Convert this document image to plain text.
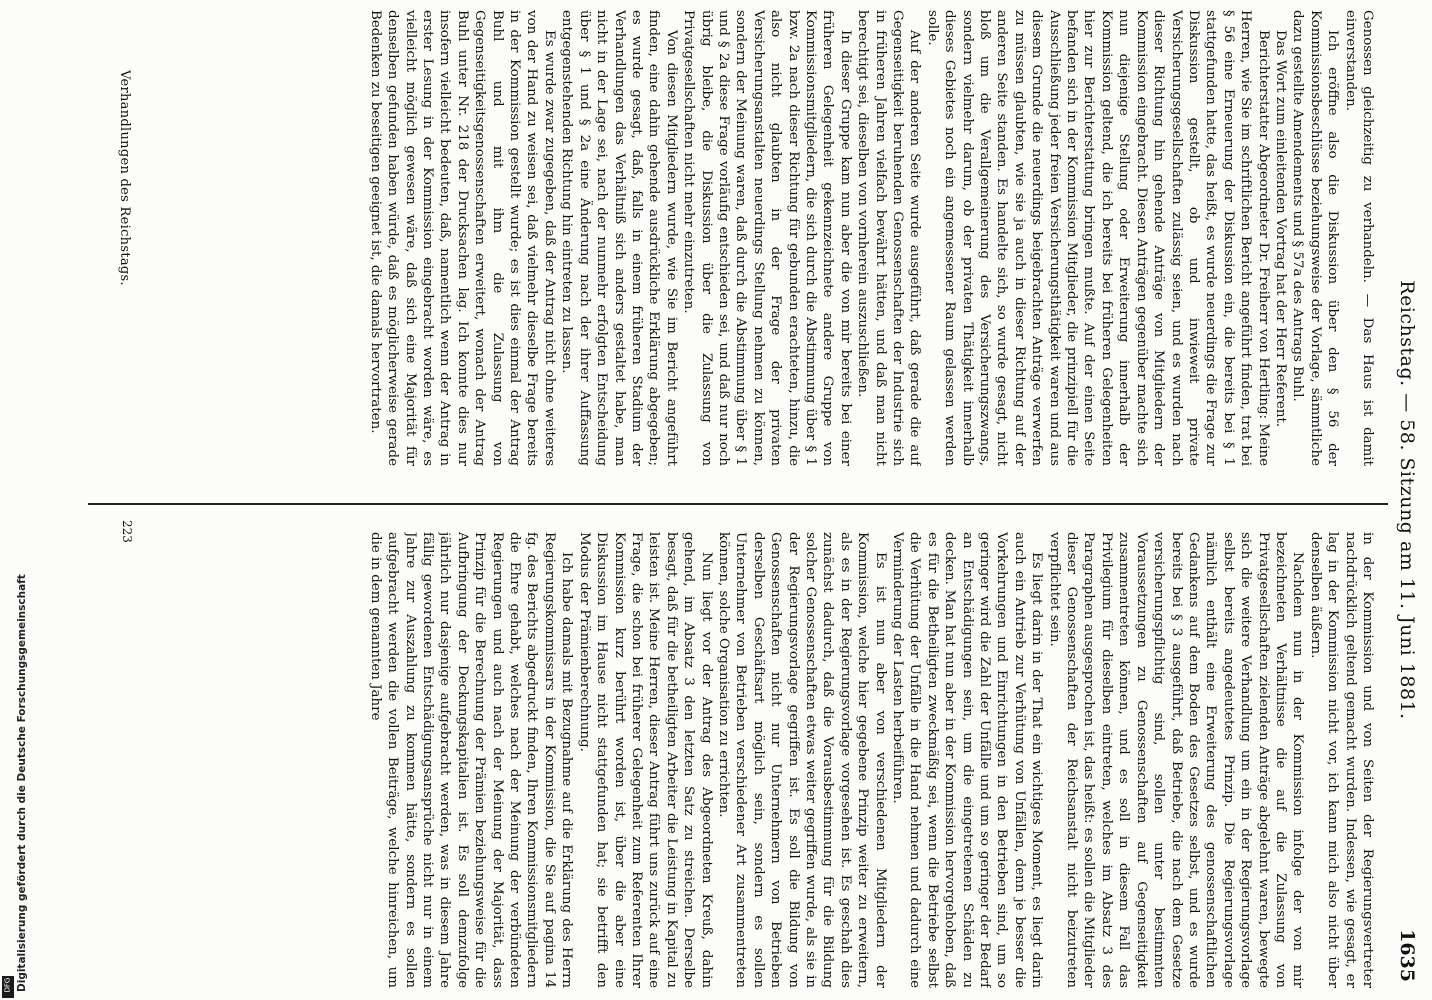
Reichstag. — 58. Sitzung am 11. Juni 1881.
1635

Genossen gleichzeitig zu verhandeln. — Das Haus ist damit einverstanden.

Ich eröffne also die Diskussion über den § 56 der Kommissionsbeschlüsse beziehungsweise der Vorlage, sämmtliche dazu gestellte Amendements und § 57a des Antrags Buhl.

Das Wort zum einleitenden Vortrag hat der Herr Referent.

Berichterstatter Abgeordneter Dr. Freiherr von Hertling: Meine Herren, wie Sie im schriftlichen Bericht angeführt finden, trat bei § 56 eine Erneuerung der Diskussion ein, die bereits bei § 1 stattgefunden hatte, das heißt, es wurde neuerdings die Frage zur Diskussion gestellt, ob und inwieweit private Versicherungsgesellschaften zulässig seien, und es wurden nach dieser Richtung hin gehende Anträge von Mitgliedern der Kommission eingebracht. Diesen Anträgen gegenüber machte sich nun diejenige Stellung oder Erweiterung innerhalb der Kommission geltend, die ich bereits bei früheren Gelegenheiten hier zur Berichterstattung bringen mußte. Auf der einen Seite befanden sich in der Kommission Mitglieder, die prinzipiell für die Ausschließung jeder freien Versicherungsthätigkeit waren und aus diesem Grunde die neuerdings beigebrachten Anträge verwerfen zu müssen glaubten, wie sie ja auch in dieser Richtung auf der anderen Seite standen. Es handelte sich, so wurde gesagt, nicht bloß um die Verallgemeinerung des Versicherungszwangs, sondern vielmehr darum, ob der privaten Thätigkeit innerhalb dieses Gebietes noch ein angemessener Raum gelassen werden solle.

Auf der anderen Seite wurde ausgeführt, daß gerade die auf Gegenseitigkeit beruhenden Genossenschaften der Industrie sich in früheren Jahren vielfach bewährt hätten, und daß man nicht berechtigt sei, dieselben von vornherein auszuschließen.

In dieser Gruppe kam nun aber die von mir bereits bei einer früheren Gelegenheit gekennzeichnete andere Gruppe von Kommissionsmitgliedern, die sich durch die Abstimmung über § 1 bzw. 2a nach dieser Richtung für gebunden erachteten, hinzu, die also nicht glaubten in der Frage der privaten Versicherungsanstalten neuerdings Stellung nehmen zu können, sondern der Meinung waren, daß durch die Abstimmung über § 1 und § 2a diese Frage vorläufig entschieden sei, und daß nur noch übrig bleibe, die Diskussion über die Zulassung von Privatgesellschaften nicht mehr einzutreten.

Von diesen Mitgliedern wurde, wie Sie im Bericht angeführt finden, eine dahin gehende ausdrückliche Erklärung abgegeben; es wurde gesagt, daß, falls in einem früheren Stadium der Verhandlungen das Verhältniß sich anders gestaltet habe, man nicht in der Lage sei, nach der nunmehr erfolgten Entscheidung über § 1 und § 2a eine Änderung nach der ihrer Auffassung entgegenstehenden Richtung hin eintreten zu lassen.

Es wurde zwar zugegeben, daß der Antrag nicht ohne weiteres von der Hand zu weisen sei, daß vielmehr dieselbe Frage bereits in der Kommission gestellt wurde; es ist dies einmal der Antrag Buhl und mit ihm die Zulassung von Gegenseitigkeitsgenossenschaften erweitert, wonach der Antrag Buhl unter Nr. 218 der Drucksachen lag. Ich konnte dies nur insofern vielleicht bedeuten, daß, namentlich wenn der Antrag in erster Lesung in der Kommission eingebracht worden wäre, es vielleicht möglich gewesen wäre, daß sich eine Majorität für denselben gefunden haben würde, daß es möglicherweise gerade Bedenken zu beseitigen geeignet ist, die damals hervortraten.

in der Kommission und von Seiten der Regierungsvertreter nachdrücklich geltend gemacht wurden. Indessen, wie gesagt, er lag in der Kommission nicht vor, ich kann mich also nicht über denselben äußern.

Nachdem nun in der Kommission infolge der von mir bezeichneten Verhältnisse die auf die Zulassung von Privatgesellschaften zielenden Anträge abgelehnt waren, bewegte sich die weitere Verhandlung um ein in der Regierungsvorlage selbst bereits angedeutetes Prinzip. Die Regierungsvorlage nämlich enthält eine Erweiterung des genossenschaftlichen Gedankens auf dem Boden des Gesetzes selbst, und es wurde bereits bei § 3 ausgeführt, daß Betriebe, die nach dem Gesetze versicherungspflichtig sind, sollen unter bestimmten Voraussetzungen zu Genossenschaften auf Gegenseitigkeit zusammentreten können, und es soll in diesem Fall das Privilegium für dieselben eintreten, welches im Absatz 3 des Paragraphen ausgesprochen ist, das heißt: es sollen die Mitglieder dieser Genossenschaften der Reichsanstalt nicht beizutreten verpflichtet sein.

Es liegt darin in der That ein wichtiges Moment, es liegt darin auch ein Antrieb zur Verhütung von Unfällen, denn je besser die Vorkehrungen und Einrichtungen in den Betrieben sind, um so geringer wird die Zahl der Unfälle und um so geringer der Bedarf an Entschädigungen sein, um die eingetretenen Schäden zu decken. Man hat nun aber in der Kommission hervorgehoben, daß es für die Betheiligten zweckmäßig sei, wenn die Betriebe selbst die Verhütung der Unfälle in die Hand nehmen und dadurch eine Verminderung der Lasten herbeiführen.

Es ist nun aber von verschiedenen Mitgliedern der Kommission, welche hier gegebene Prinzip weiter zu erweitern, als es in der Regierungsvorlage vorgesehen ist. Es geschah dies zunächst dadurch, daß die Vorausbestimmung für die Bildung solcher Genossenschaften etwas weiter gegriffen wurde, als sie in der Regierungsvorlage gegriffen ist. Es soll die Bildung von Genossenschaften nicht nur Unternehmern von Betrieben derselben Geschäftsart möglich sein, sondern es sollen Unternehmer von Betrieben verschiedener Art zusammentreten können, solche Organisation zu errichten.

Nun liegt vor der Antrag des Abgeordneten Kreuß, dahin gehend, im Absatz 3 den letzten Satz zu streichen. Derselbe besagt, daß für die betheiligten Arbeiter die Leistung in Kapital zu leisten ist. Meine Herren, dieser Antrag führt uns zurück auf eine Frage, die schon bei früherer Gelegenheit zum Referenten Ihrer Kommission kurz berührt worden ist, über die aber eine Diskussion im Hause nicht stattgefunden hat; sie betrifft den Modus der Prämienberechnung.

Ich habe damals mit Bezugnahme auf die Erklärung des Herrn Regierungskommissars in der Kommission, die Sie auf pagina 14 fg. des Berichts abgedruckt finden, Ihren Kommissionsmitgliedern die Ehre gehabt, welches nach der Meinung der verbündeten Regierungen und auch nach der Meinung der Majorität, dass Prinzip für die Berechnung der Prämien beziehungsweise für die Aufbringung der Deckungskapitalien ist. Es soll demzufolge jährlich nur dasjenige aufgebracht werden, was in diesem Jahre fällig gewordenen Entschädigungsansprüche nicht nur in einem Jahre zur Auszahlung zu kommen hätte, sondern es sollen aufgebracht werden die vollen Beiträge, welche hinreichen, um die in dem genannten Jahre

Verhandlungen des Reichstags.
223
Digitalisierung gefördert durch die Deutsche Forschungsgemeinschaft
DFG
